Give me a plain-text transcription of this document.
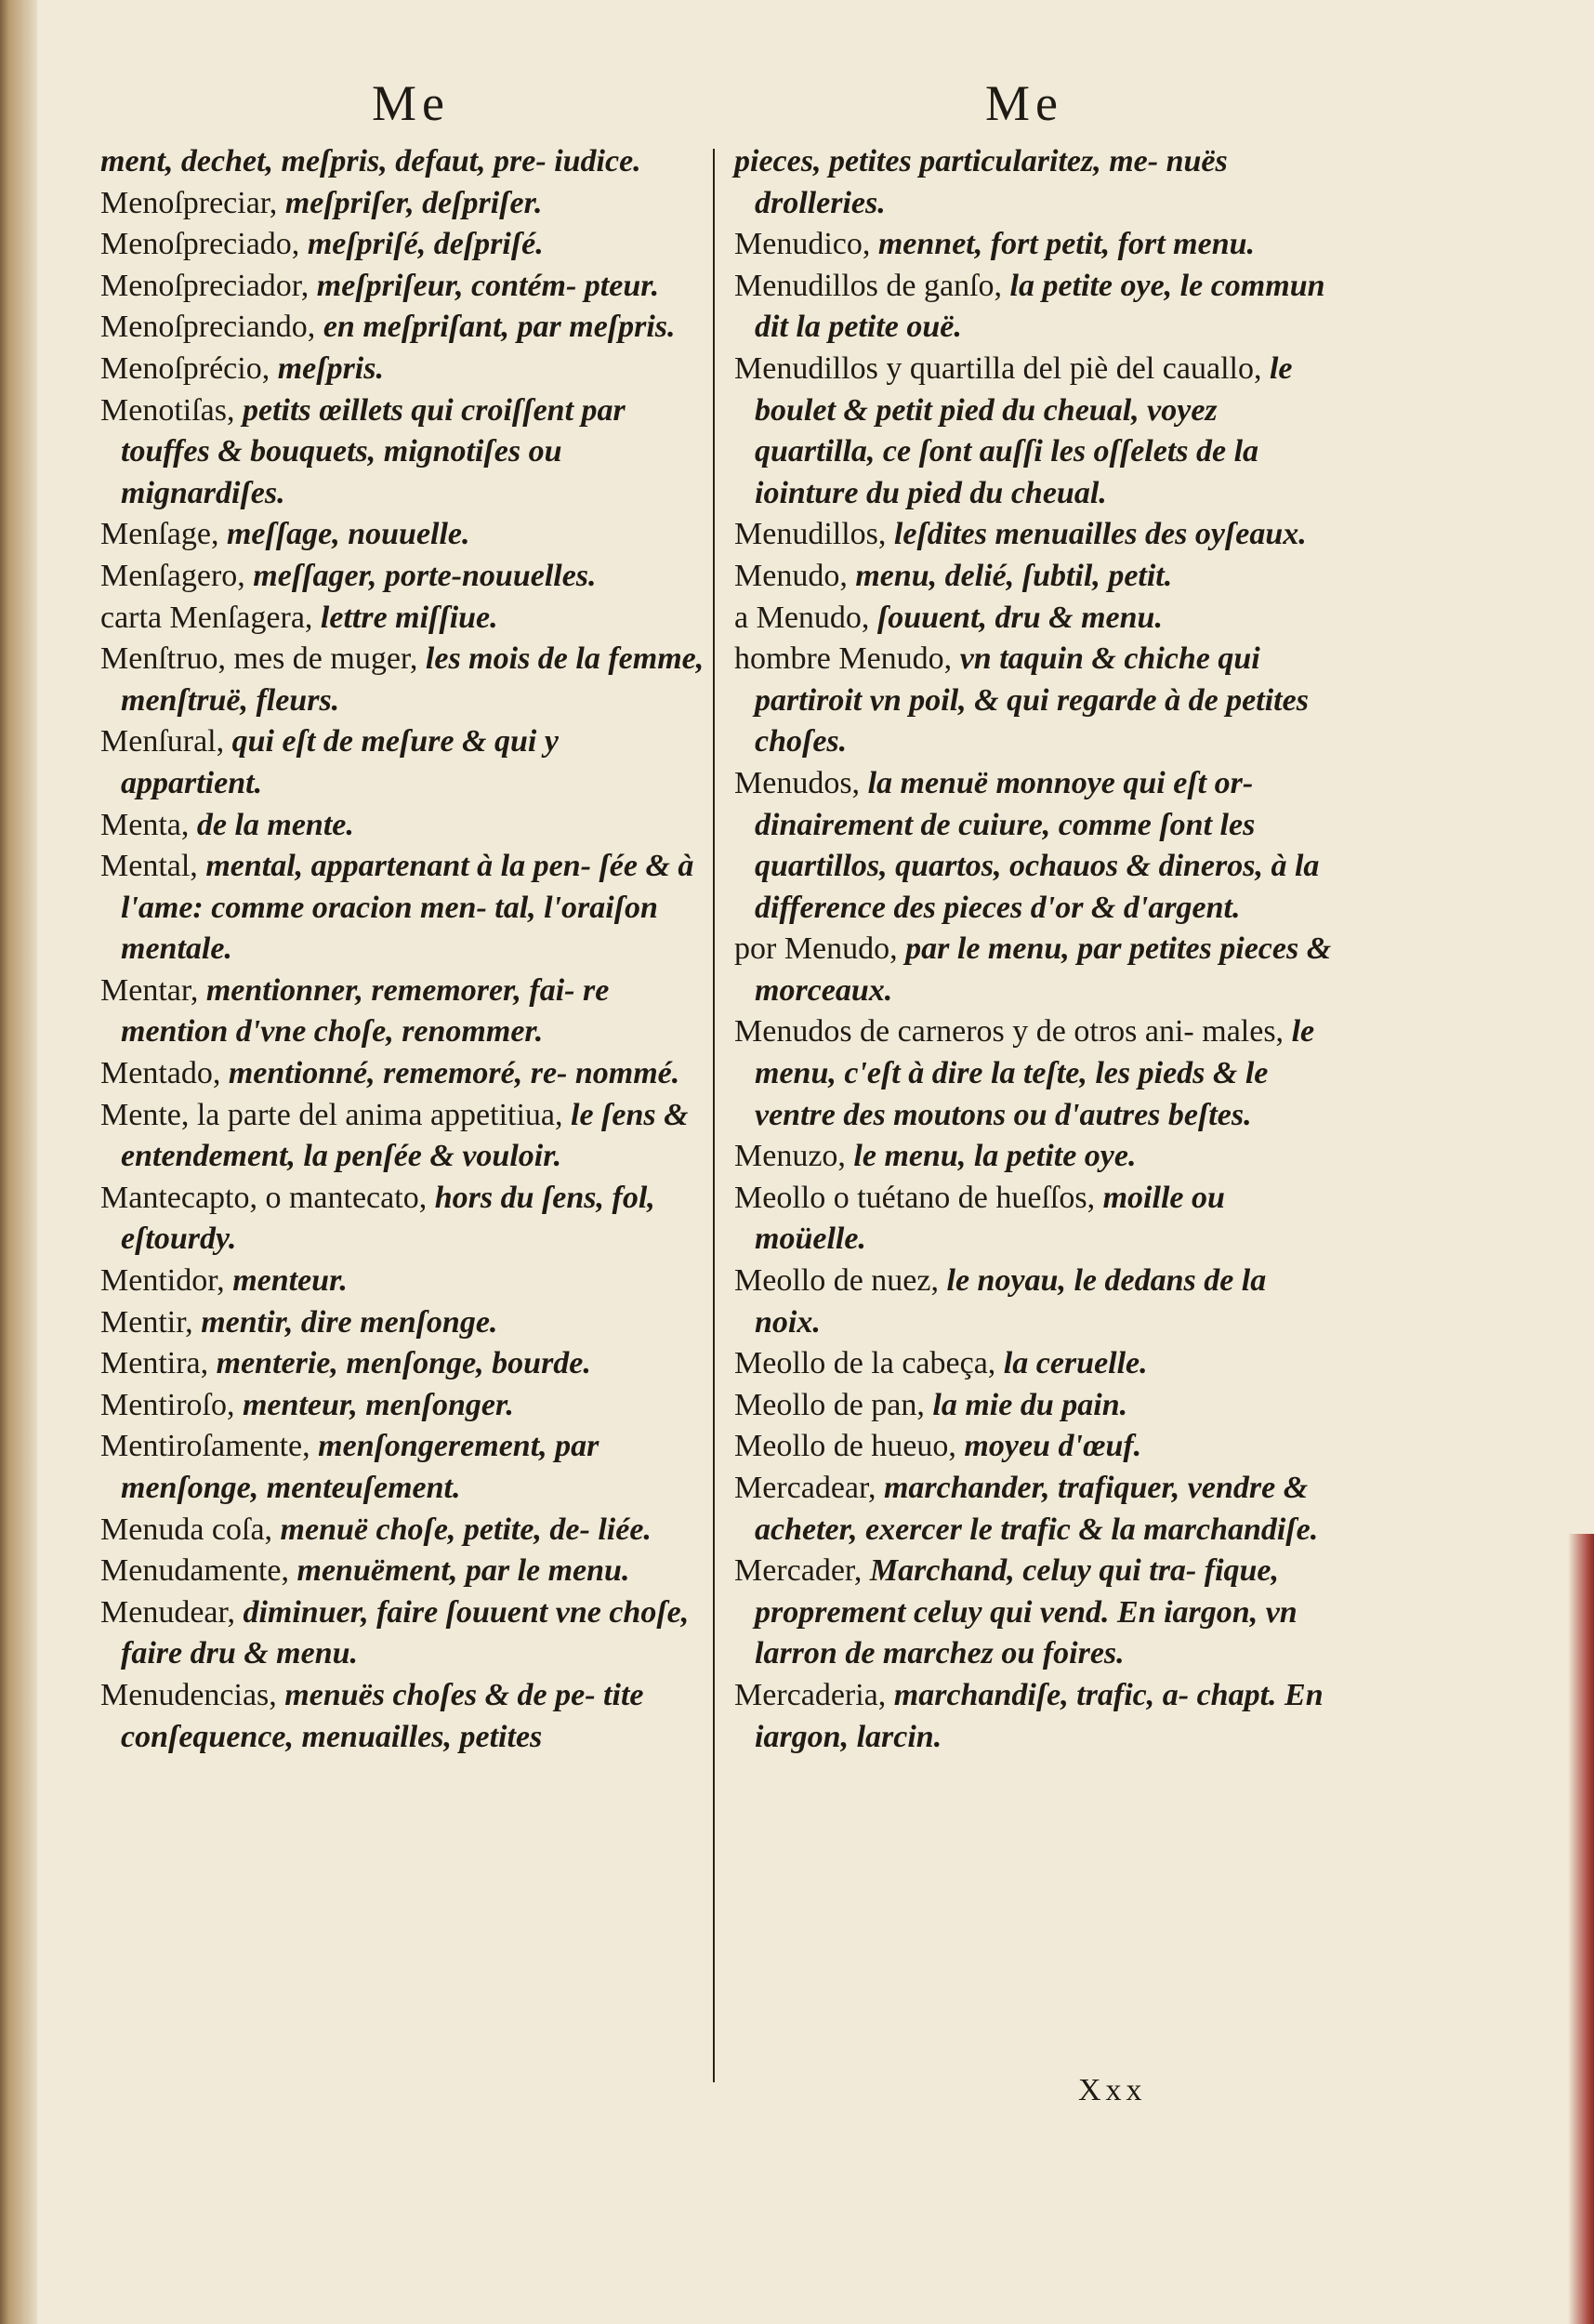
Me	Me

ment, dechet, meſpris, defaut, pre- iudice.

Menoſpreciar, meſpriſer, deſpriſer.

Menoſpreciado, meſpriſé, deſpriſé.

Menoſpreciador, meſpriſeur, contém- pteur.

Menoſpreciando, en meſpriſant, par meſpris.

Menoſprécio, meſpris.

Menotiſas, petits œillets qui croiſſent par touffes & bouquets, mignotiſes ou mignardiſes.

Menſage, meſſage, nouuelle.

Menſagero, meſſager, porte-nouuelles.

carta Menſagera, lettre miſſiue.

Menſtruo, mes de muger, les mois de la femme, menſtruë, fleurs.

Menſural, qui eſt de meſure & qui y appartient.

Menta, de la mente.

Mental, mental, appartenant à la pen- ſée & à l'ame: comme oracion men- tal, l'oraiſon mentale.

Mentar, mentionner, rememorer, fai- re mention d'vne choſe, renommer.

Mentado, mentionné, rememoré, re- nommé.

Mente, la parte del anima appetitiua, le ſens & entendement, la penſée & vouloir.

Mantecapto, o mantecato, hors du ſens, fol, eſtourdy.

Mentidor, menteur.

Mentir, mentir, dire menſonge.

Mentira, menterie, menſonge, bourde.

Mentiroſo, menteur, menſonger.

Mentiroſamente, menſongerement, par menſonge, menteuſement.

Menuda coſa, menuë choſe, petite, de- liée.

Menudamente, menuëment, par le menu.

Menudear, diminuer, faire ſouuent vne choſe, faire dru & menu.

Menudencias, menuës choſes & de pe- tite conſequence, menuailles, petites

pieces, petites particularitez, me- nuës drolleries.

Menudico, mennet, fort petit, fort menu.

Menudillos de ganſo, la petite oye, le commun dit la petite ouë.

Menudillos y quartilla del piè del cauallo, le boulet & petit pied du cheual, voyez quartilla, ce ſont auſſi les oſſelets de la iointure du pied du cheual.

Menudillos, leſdites menuailles des oyſeaux.

Menudo, menu, delié, ſubtil, petit.

a Menudo, ſouuent, dru & menu.

hombre Menudo, vn taquin & chiche qui partiroit vn poil, & qui regarde à de petites choſes.

Menudos, la menuë monnoye qui eſt or- dinairement de cuiure, comme ſont les quartillos, quartos, ochauos & dineros, à la difference des pieces d'or & d'argent.

por Menudo, par le menu, par petites pieces & morceaux.

Menudos de carneros y de otros ani- males, le menu, c'eſt à dire la teſte, les pieds & le ventre des moutons ou d'autres beſtes.

Menuzo, le menu, la petite oye.

Meollo o tuétano de hueſſos, moille ou moüelle.

Meollo de nuez, le noyau, le dedans de la noix.

Meollo de la cabeça, la ceruelle.

Meollo de pan, la mie du pain.

Meollo de hueuo, moyeu d'œuf.

Mercadear, marchander, trafiquer, vendre & acheter, exercer le trafic & la marchandiſe.

Mercader, Marchand, celuy qui tra- fique, proprement celuy qui vend. En iargon, vn larron de marchez ou foires.

Mercaderia, marchandiſe, trafic, a- chapt. En iargon, larcin.

Xxx
